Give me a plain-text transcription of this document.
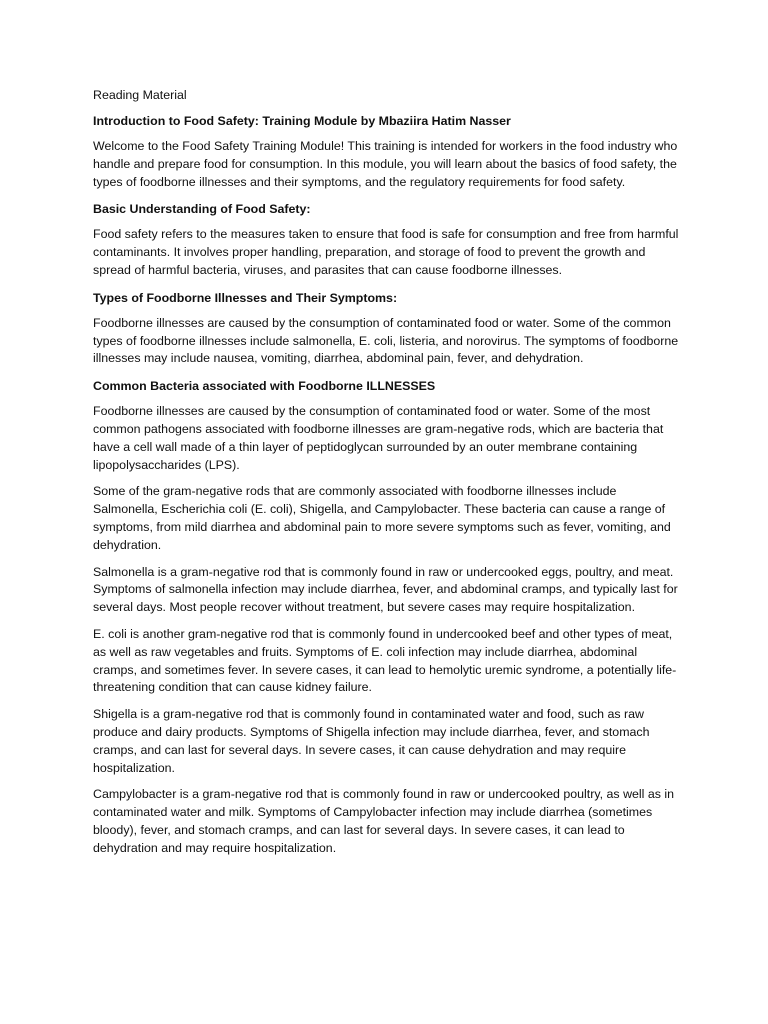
Reading Material

Introduction to Food Safety: Training Module by Mbaziira Hatim Nasser

Welcome to the Food Safety Training Module! This training is intended for workers in the food industry who handle and prepare food for consumption. In this module, you will learn about the basics of food safety, the types of foodborne illnesses and their symptoms, and the regulatory requirements for food safety.

Basic Understanding of Food Safety:

Food safety refers to the measures taken to ensure that food is safe for consumption and free from harmful contaminants. It involves proper handling, preparation, and storage of food to prevent the growth and spread of harmful bacteria, viruses, and parasites that can cause foodborne illnesses.

Types of Foodborne Illnesses and Their Symptoms:

Foodborne illnesses are caused by the consumption of contaminated food or water. Some of the common types of foodborne illnesses include salmonella, E. coli, listeria, and norovirus. The symptoms of foodborne illnesses may include nausea, vomiting, diarrhea, abdominal pain, fever, and dehydration.

Common Bacteria associated with Foodborne ILLNESSES

Foodborne illnesses are caused by the consumption of contaminated food or water. Some of the most common pathogens associated with foodborne illnesses are gram-negative rods, which are bacteria that have a cell wall made of a thin layer of peptidoglycan surrounded by an outer membrane containing lipopolysaccharides (LPS).

Some of the gram-negative rods that are commonly associated with foodborne illnesses include Salmonella, Escherichia coli (E. coli), Shigella, and Campylobacter. These bacteria can cause a range of symptoms, from mild diarrhea and abdominal pain to more severe symptoms such as fever, vomiting, and dehydration.

Salmonella is a gram-negative rod that is commonly found in raw or undercooked eggs, poultry, and meat. Symptoms of salmonella infection may include diarrhea, fever, and abdominal cramps, and typically last for several days. Most people recover without treatment, but severe cases may require hospitalization.

E. coli is another gram-negative rod that is commonly found in undercooked beef and other types of meat, as well as raw vegetables and fruits. Symptoms of E. coli infection may include diarrhea, abdominal cramps, and sometimes fever. In severe cases, it can lead to hemolytic uremic syndrome, a potentially life-threatening condition that can cause kidney failure.

Shigella is a gram-negative rod that is commonly found in contaminated water and food, such as raw produce and dairy products. Symptoms of Shigella infection may include diarrhea, fever, and stomach cramps, and can last for several days. In severe cases, it can cause dehydration and may require hospitalization.

Campylobacter is a gram-negative rod that is commonly found in raw or undercooked poultry, as well as in contaminated water and milk. Symptoms of Campylobacter infection may include diarrhea (sometimes bloody), fever, and stomach cramps, and can last for several days. In severe cases, it can lead to dehydration and may require hospitalization.
